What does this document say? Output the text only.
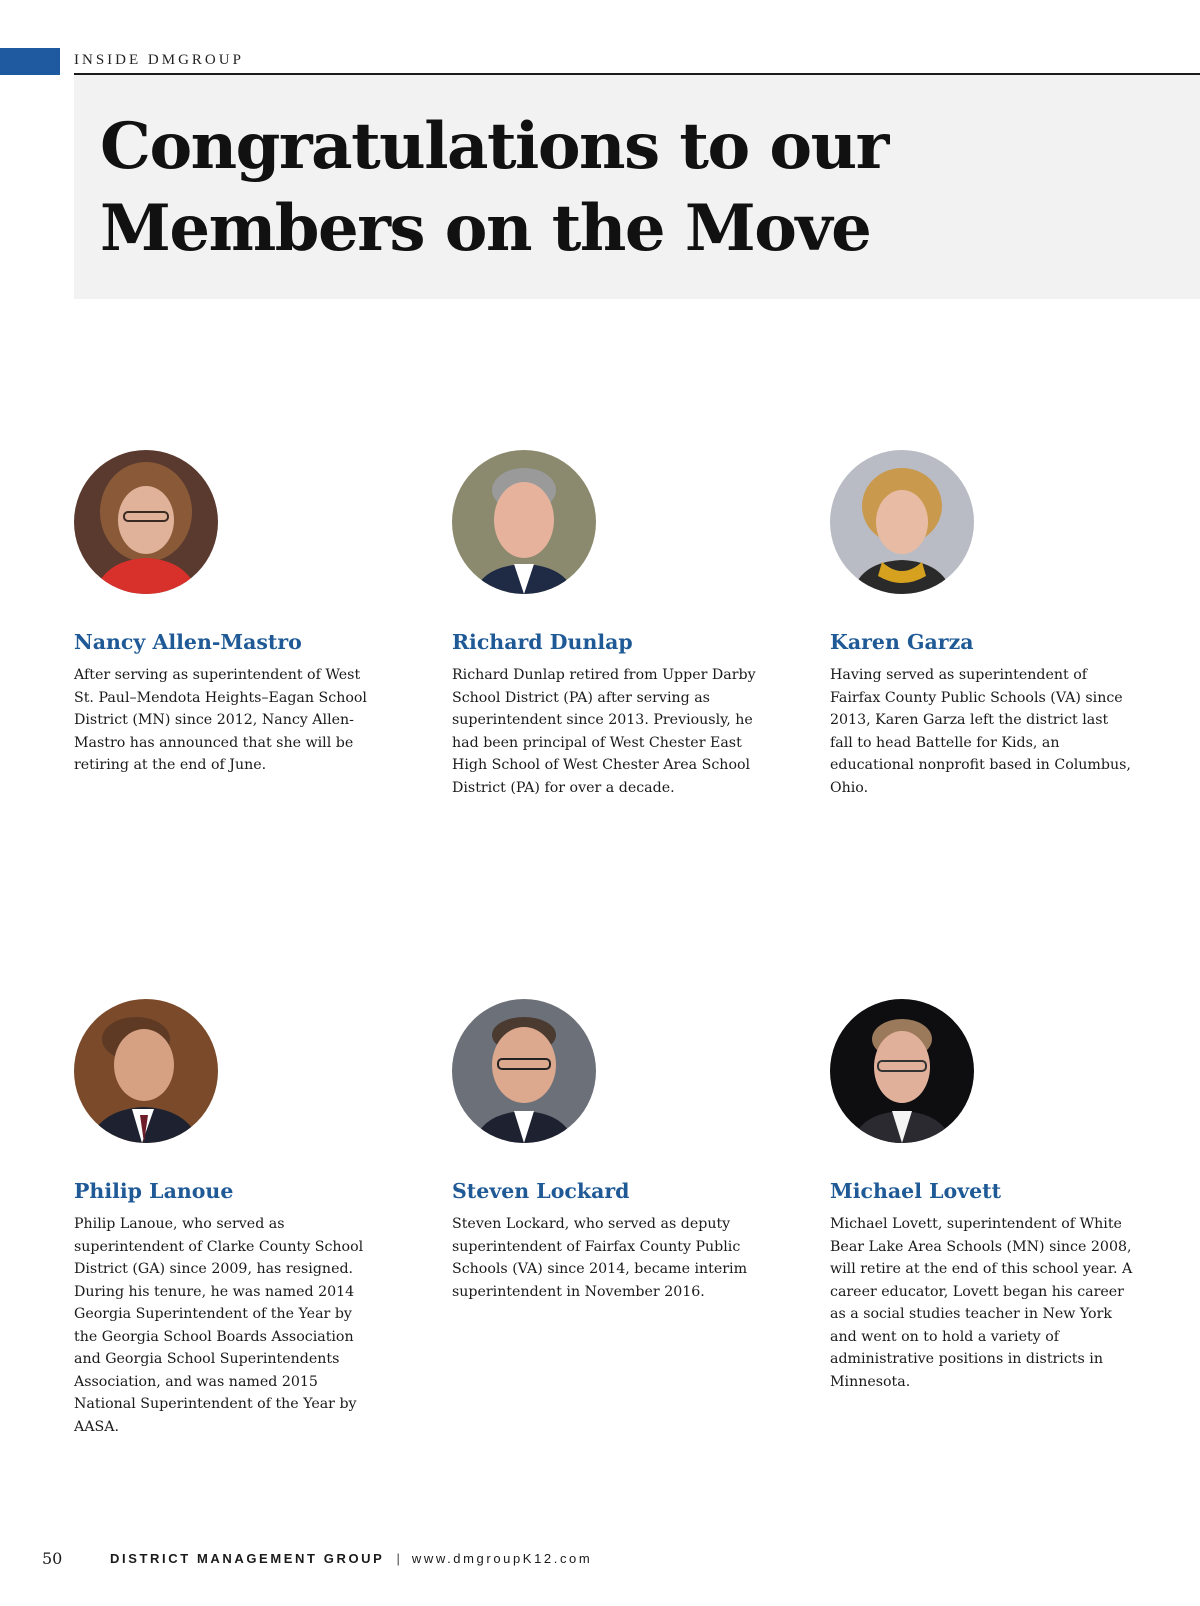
INSIDE DMGROUP
Congratulations to our
Members on the Move
Nancy Allen-Mastro
After serving as superintendent of West St. Paul–Mendota Heights–Eagan School District (MN) since 2012, Nancy Allen-Mastro has announced that she will be retiring at the end of June.
Richard Dunlap
Richard Dunlap retired from Upper Darby School District (PA) after serving as superintendent since 2013. Previously, he had been principal of West Chester East High School of West Chester Area School District (PA) for over a decade.
Karen Garza
Having served as superintendent of Fairfax County Public Schools (VA) since 2013, Karen Garza left the district last fall to head Battelle for Kids, an educational nonprofit based in Columbus, Ohio.
Philip Lanoue
Philip Lanoue, who served as superintendent of Clarke County School District (GA) since 2009, has resigned. During his tenure, he was named 2014 Georgia Superintendent of the Year by the Georgia School Boards Association and Georgia School Superintendents Association, and was named 2015 National Superintendent of the Year by AASA.
Steven Lockard
Steven Lockard, who served as deputy superintendent of Fairfax County Public Schools (VA) since 2014, became interim superintendent in November 2016.
Michael Lovett
Michael Lovett, superintendent of White Bear Lake Area Schools (MN) since 2008, will retire at the end of this school year. A career educator, Lovett began his career as a social studies teacher in New York and went on to hold a variety of administrative positions in districts in Minnesota.
50	DISTRICT MANAGEMENT GROUP | www.dmgroupK12.com
